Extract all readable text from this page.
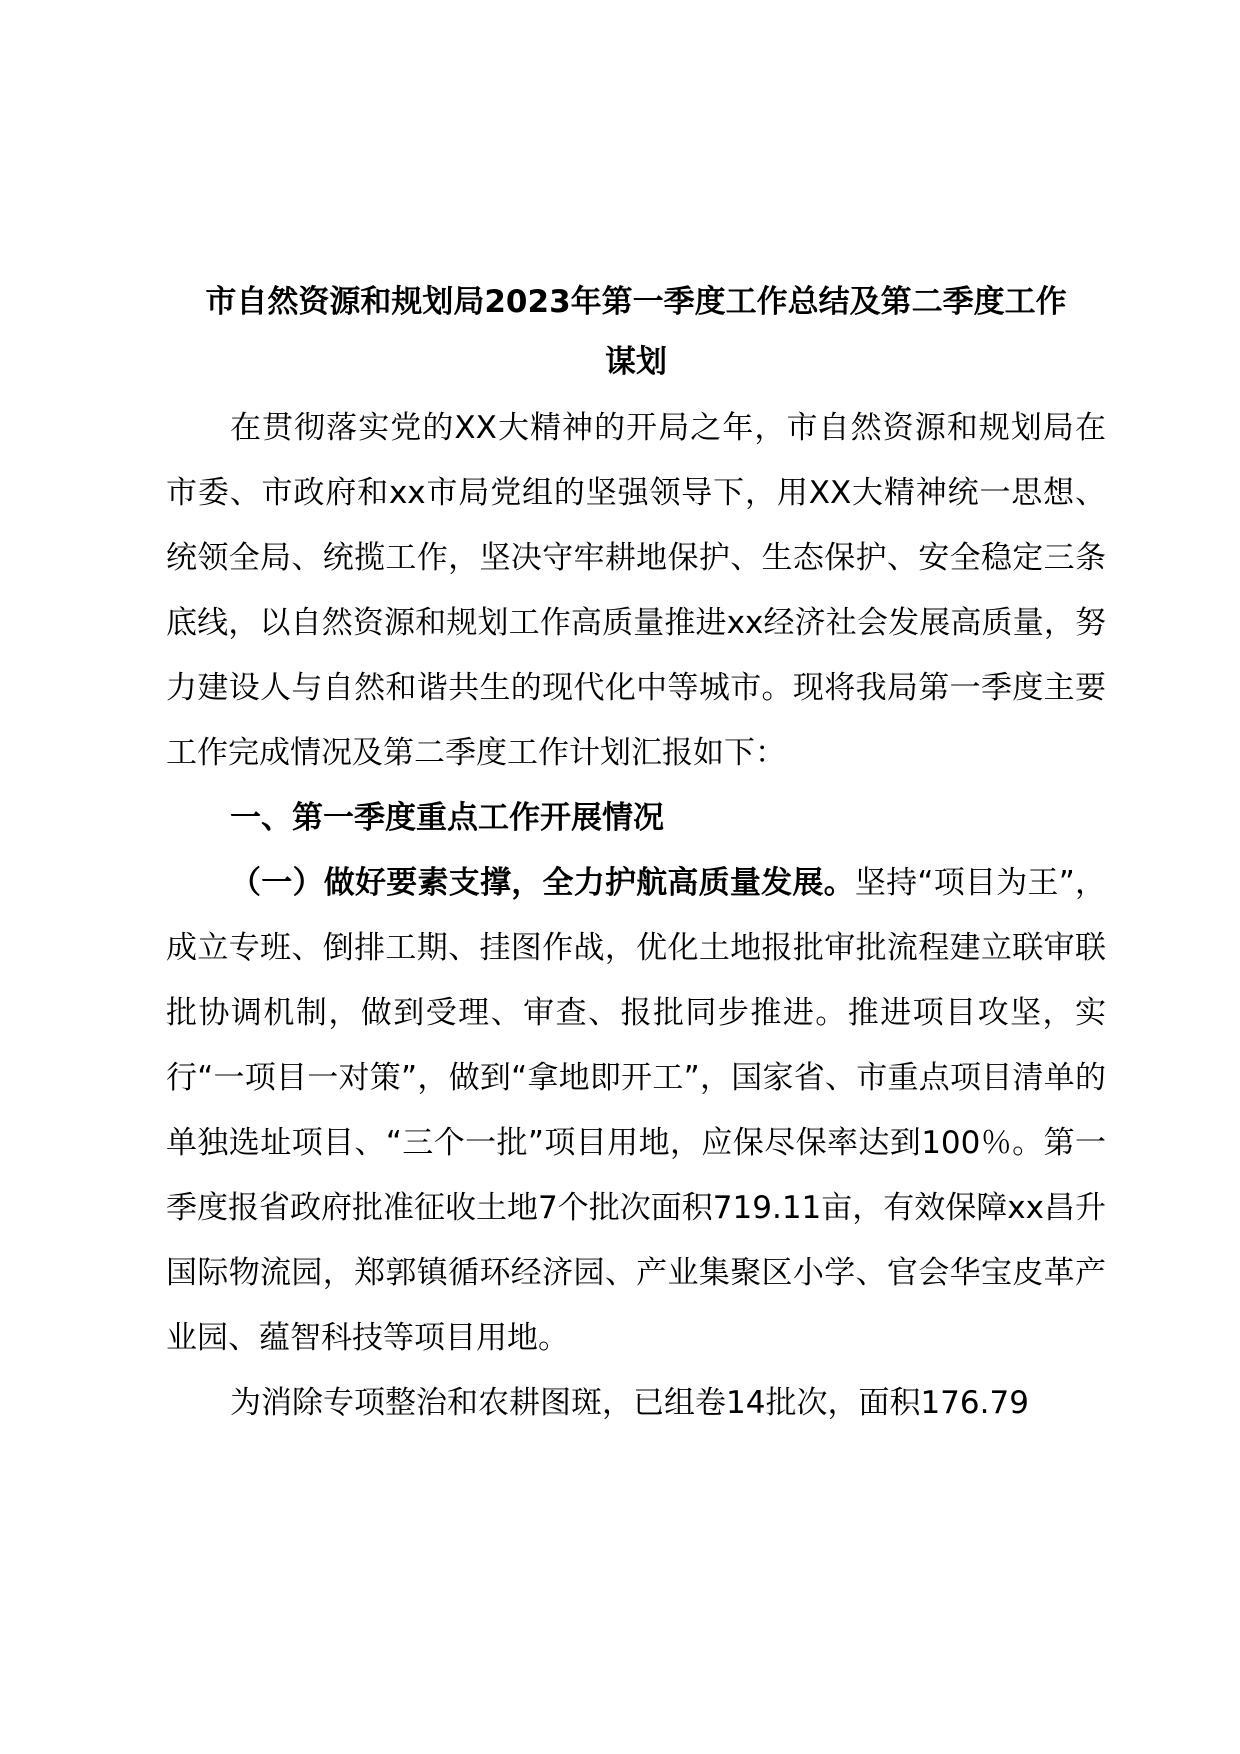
市自然资源和规划局2023年第一季度工作总结及第二季度工作
谋划

在贯彻落实党的XX大精神的开局之年，市自然资源和规划局在市委、市政府和xx市局党组的坚强领导下，用XX大精神统一思想、统领全局、统揽工作，坚决守牢耕地保护、生态保护、安全稳定三条底线，以自然资源和规划工作高质量推进xx经济社会发展高质量，努力建设人与自然和谐共生的现代化中等城市。现将我局第一季度主要工作完成情况及第二季度工作计划汇报如下：

一、第一季度重点工作开展情况

（一）做好要素支撑，全力护航高质量发展。坚持“项目为王”，成立专班、倒排工期、挂图作战，优化土地报批审批流程建立联审联批协调机制，做到受理、审查、报批同步推进。推进项目攻坚，实行“一项目一对策”，做到“拿地即开工”，国家省、市重点项目清单的单独选址项目、“三个一批”项目用地，应保尽保率达到100％。第一季度报省政府批准征收土地7个批次面积719.11亩，有效保障xx昌升国际物流园，郑郭镇循环经济园、产业集聚区小学、官会华宝皮革产业园、蕴智科技等项目用地。

为消除专项整治和农耕图斑，已组卷14批次，面积176.79
